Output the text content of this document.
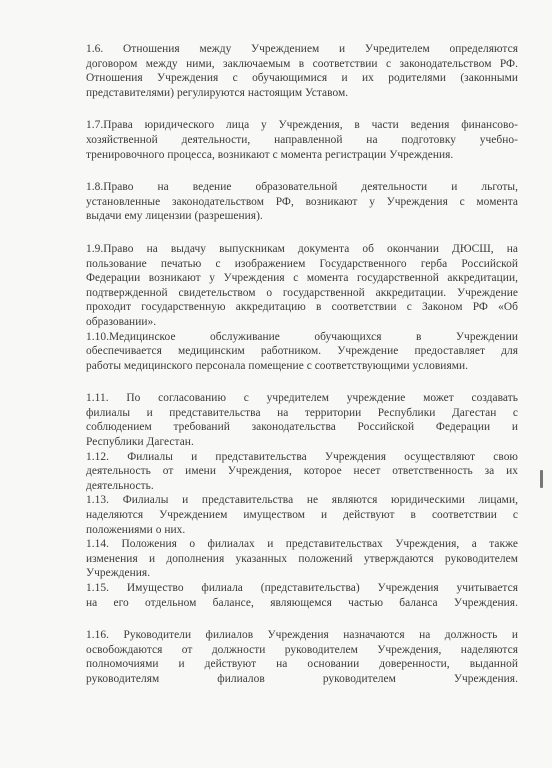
1.6. Отношения между Учреждением и Учредителем определяются
договором между ними, заключаемым в соответствии с законодательством РФ.
Отношения Учреждения с обучающимися и их родителями (законными
представителями) регулируются настоящим Уставом.
1.7.Права юридического лица у Учреждения, в части ведения финансово-
хозяйственной деятельности, направленной на подготовку учебно-
тренировочного процесса, возникают с момента регистрации Учреждения.
1.8.Право на ведение образовательной деятельности и льготы,
установленные законодательством РФ, возникают у Учреждения с момента
выдачи ему лицензии (разрешения).
1.9.Право на выдачу выпускникам документа об окончании ДЮСШ, на
пользование печатью с изображением Государственного герба Российской
Федерации возникают у Учреждения с момента государственной аккредитации,
подтвержденной свидетельством о государственной аккредитации. Учреждение
проходит государственную аккредитацию в соответствии с Законом РФ «Об
образовании».
1.10.Медицинское обслуживание обучающихся в Учреждении
обеспечивается медицинским работником. Учреждение предоставляет для
работы медицинского персонала помещение с соответствующими условиями.
1.11. По согласованию с учредителем учреждение может создавать
филиалы и представительства на территории Республики Дагестан с
соблюдением требований законодательства Российской Федерации и
Республики Дагестан.
1.12. Филиалы и представительства Учреждения осуществляют свою
деятельность от имени Учреждения, которое несет ответственность за их
деятельность.
1.13. Филиалы и представительства не являются юридическими лицами,
наделяются Учреждением имуществом и действуют в соответствии с
положениями о них.
1.14. Положения о филиалах и представительствах Учреждения, а также
изменения и дополнения указанных положений утверждаются руководителем
Учреждения.
1.15. Имущество филиала (представительства) Учреждения учитывается
на его отдельном балансе, являющемся частью баланса Учреждения.
1.16. Руководители филиалов Учреждения назначаются на должность и
освобождаются от должности руководителем Учреждения, наделяются
полномочиями и действуют на основании доверенности, выданной
руководителям филиалов руководителем Учреждения.
